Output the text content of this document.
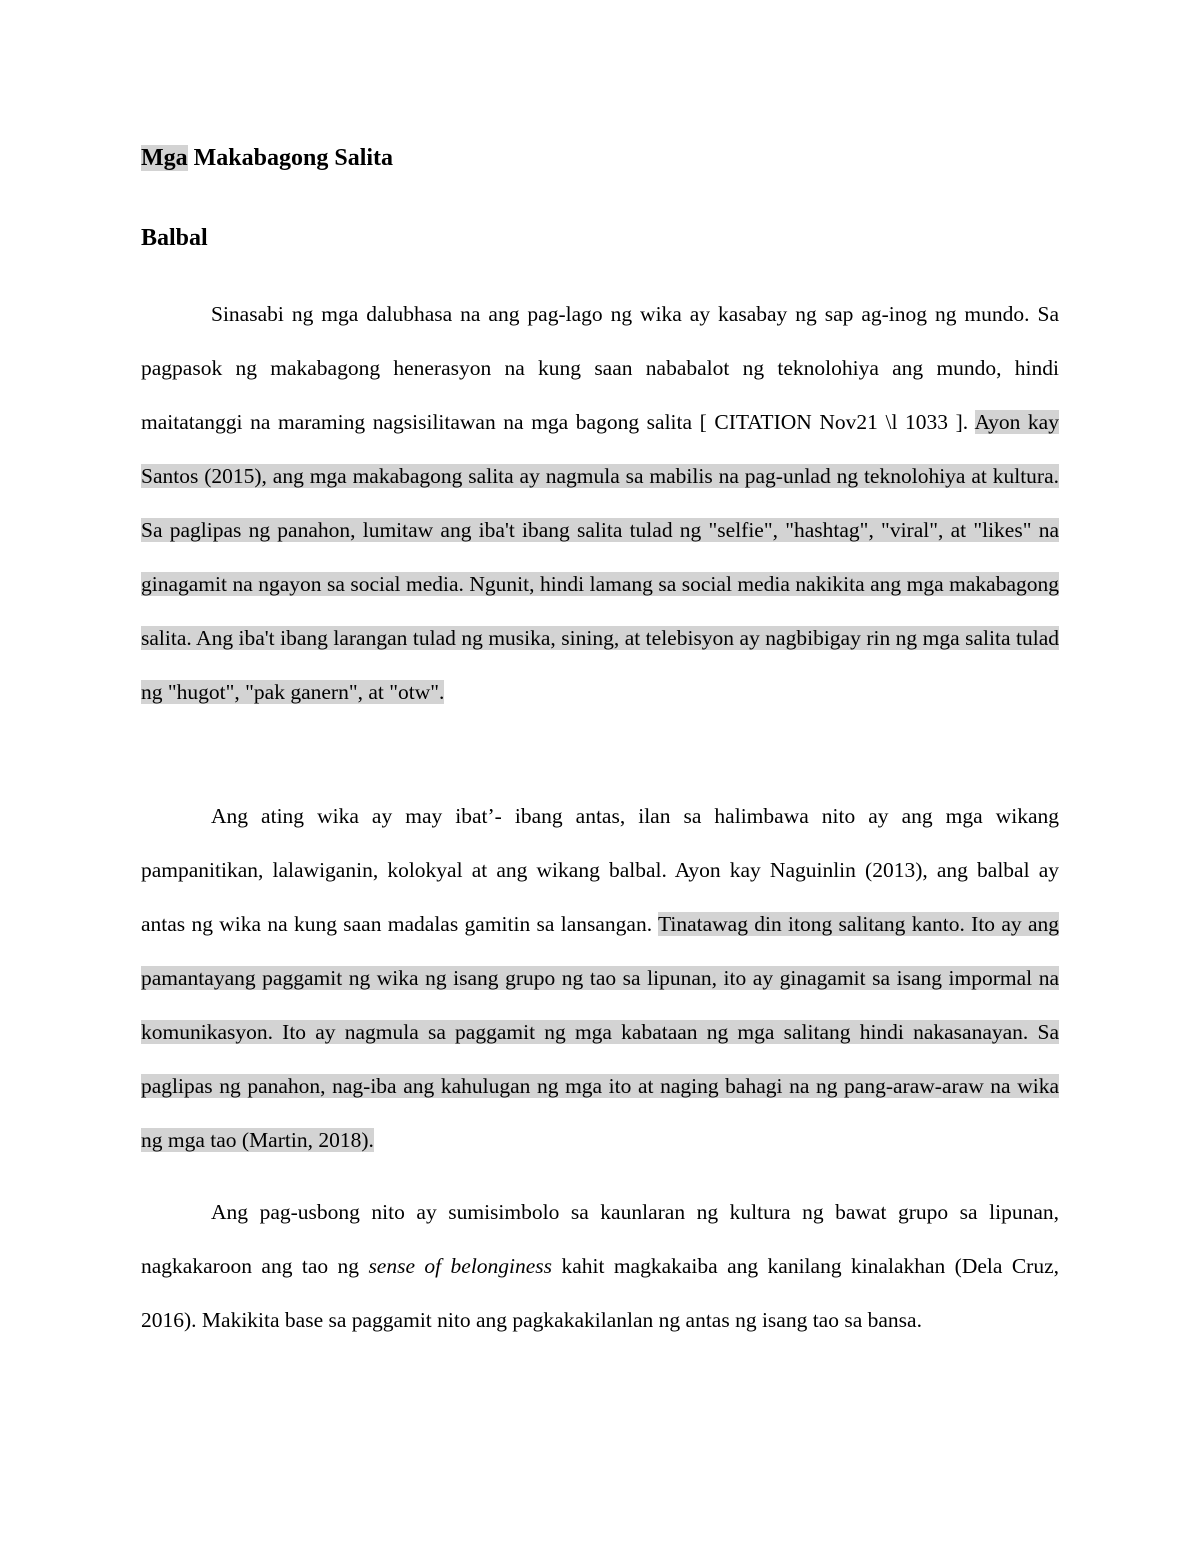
Mga Makabagong Salita
Balbal

Sinasabi ng mga dalubhasa na ang pag-lago ng wika ay kasabay ng sap ag-inog ng mundo. Sa pagpasok ng makabagong henerasyon na kung saan nababalot ng teknolohiya ang mundo, hindi maitatanggi na maraming nagsisilitawan na mga bagong salita [ CITATION Nov21 \l 1033 ]. Ayon kay Santos (2015), ang mga makabagong salita ay nagmula sa mabilis na pag-unlad ng teknolohiya at kultura. Sa paglipas ng panahon, lumitaw ang iba't ibang salita tulad ng "selfie", "hashtag", "viral", at "likes" na ginagamit na ngayon sa social media. Ngunit, hindi lamang sa social media nakikita ang mga makabagong salita. Ang iba't ibang larangan tulad ng musika, sining, at telebisyon ay nagbibigay rin ng mga salita tulad ng "hugot", "pak ganern", at "otw".

Ang ating wika ay may ibat’- ibang antas, ilan sa halimbawa nito ay ang mga wikang pampanitikan, lalawiganin, kolokyal at ang wikang balbal. Ayon kay Naguinlin (2013), ang balbal ay antas ng wika na kung saan madalas gamitin sa lansangan. Tinatawag din itong salitang kanto. Ito ay ang pamantayang paggamit ng wika ng isang grupo ng tao sa lipunan, ito ay ginagamit sa isang impormal na komunikasyon. Ito ay nagmula sa paggamit ng mga kabataan ng mga salitang hindi nakasanayan. Sa paglipas ng panahon, nag-iba ang kahulugan ng mga ito at naging bahagi na ng pang-araw-araw na wika ng mga tao (Martin, 2018).

Ang pag-usbong nito ay sumisimbolo sa kaunlaran ng kultura ng bawat grupo sa lipunan, nagkakaroon ang tao ng sense of belonginess kahit magkakaiba ang kanilang kinalakhan (Dela Cruz, 2016). Makikita base sa paggamit nito ang pagkakakilanlan ng antas ng isang tao sa bansa.
